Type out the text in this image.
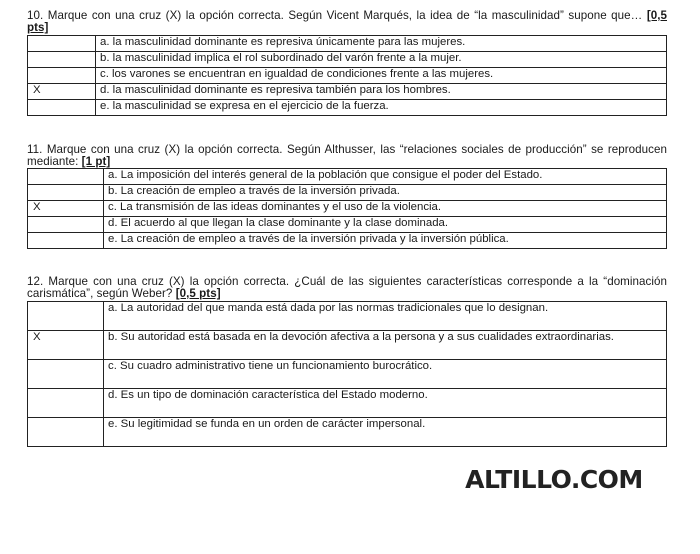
10. Marque con una cruz (X) la opción correcta. Según Vicent Marqués, la idea de “la masculinidad” supone que… [0,5 pts]

	a. la masculinidad dominante es represiva únicamente para las mujeres.
	b. la masculinidad implica el rol subordinado del varón frente a la mujer.
	c. los varones se encuentran en igualdad de condiciones frente a las mujeres.
X	d. la masculinidad dominante es represiva también para los hombres.
	e. la masculinidad se expresa en el ejercicio de la fuerza.

11. Marque con una cruz (X) la opción correcta. Según Althusser, las “relaciones sociales de producción” se reproducen mediante: [1 pt]

	a. La imposición del interés general de la población que consigue el poder del Estado.
	b. La creación de empleo a través de la inversión privada.
X	c. La transmisión de las ideas dominantes y el uso de la violencia.
	d. El acuerdo al que llegan la clase dominante y la clase dominada.
	e. La creación de empleo a través de la inversión privada y la inversión pública.

12. Marque con una cruz (X) la opción correcta. ¿Cuál de las siguientes características corresponde a la “dominación carismática”, según Weber? [0,5 pts]

	a. La autoridad del que manda está dada por las normas tradicionales que lo designan.
X	b. Su autoridad está basada en la devoción afectiva a la persona y a sus cualidades extraordinarias.
	c. Su cuadro administrativo tiene un funcionamiento burocrático.
	d. Es un tipo de dominación característica del Estado moderno.
	e. Su legitimidad se funda en un orden de carácter impersonal.
ALTILLO.COM
